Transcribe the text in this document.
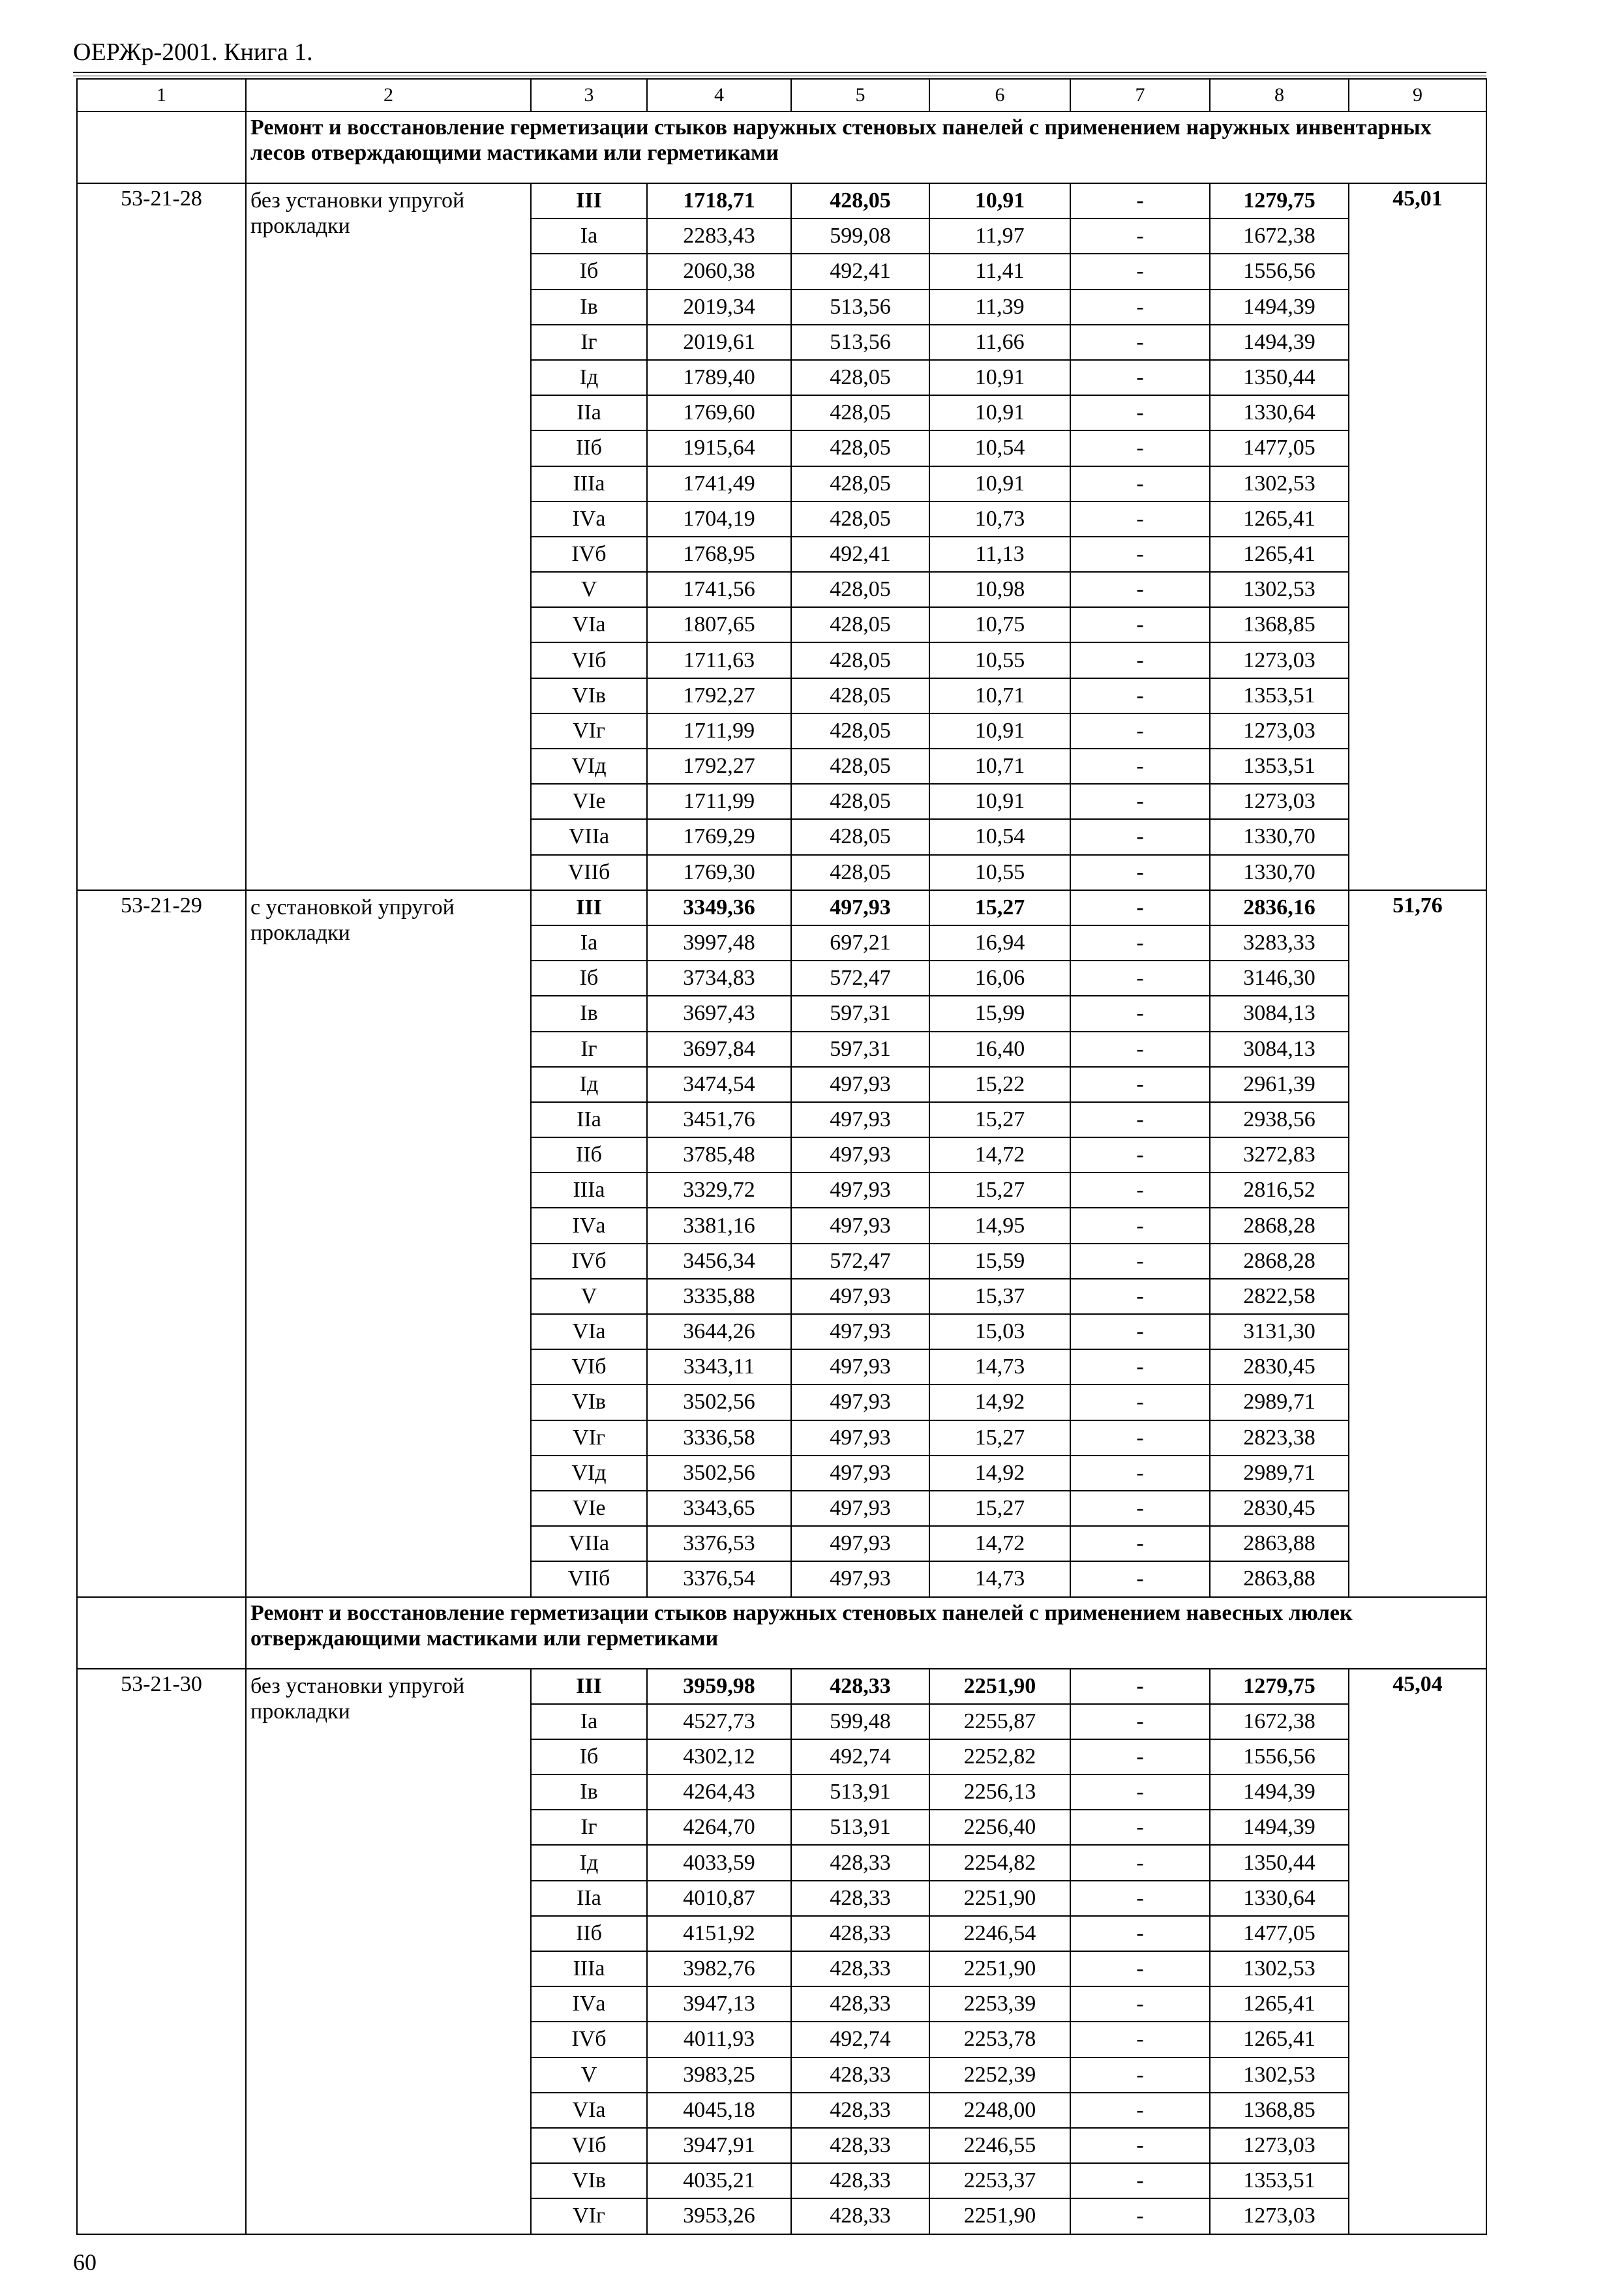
ОЕРЖр-2001. Книга 1.
1	2	3	4	5	6	7	8	9
	Ремонт и восстановление герметизации стыков наружных стеновых панелей с применением наружных инвентарных лесов отверждающими мастиками или герметиками							
53-21-28	без установки упругой прокладки	III	1718,71	428,05	10,91	-	1279,75	45,01
		Iа	2283,43	599,08	11,97	-	1672,38	
		Iб	2060,38	492,41	11,41	-	1556,56	
		Iв	2019,34	513,56	11,39	-	1494,39	
		Iг	2019,61	513,56	11,66	-	1494,39	
		Iд	1789,40	428,05	10,91	-	1350,44	
		IIа	1769,60	428,05	10,91	-	1330,64	
		IIб	1915,64	428,05	10,54	-	1477,05	
		IIIа	1741,49	428,05	10,91	-	1302,53	
		IVа	1704,19	428,05	10,73	-	1265,41	
		IVб	1768,95	492,41	11,13	-	1265,41	
		V	1741,56	428,05	10,98	-	1302,53	
		VIа	1807,65	428,05	10,75	-	1368,85	
		VIб	1711,63	428,05	10,55	-	1273,03	
		VIв	1792,27	428,05	10,71	-	1353,51	
		VIг	1711,99	428,05	10,91	-	1273,03	
		VIд	1792,27	428,05	10,71	-	1353,51	
		VIе	1711,99	428,05	10,91	-	1273,03	
		VIIа	1769,29	428,05	10,54	-	1330,70	
		VIIб	1769,30	428,05	10,55	-	1330,70	
53-21-29	с установкой упругой прокладки	III	3349,36	497,93	15,27	-	2836,16	51,76
		Iа	3997,48	697,21	16,94	-	3283,33	
		Iб	3734,83	572,47	16,06	-	3146,30	
		Iв	3697,43	597,31	15,99	-	3084,13	
		Iг	3697,84	597,31	16,40	-	3084,13	
		Iд	3474,54	497,93	15,22	-	2961,39	
		IIа	3451,76	497,93	15,27	-	2938,56	
		IIб	3785,48	497,93	14,72	-	3272,83	
		IIIа	3329,72	497,93	15,27	-	2816,52	
		IVа	3381,16	497,93	14,95	-	2868,28	
		IVб	3456,34	572,47	15,59	-	2868,28	
		V	3335,88	497,93	15,37	-	2822,58	
		VIа	3644,26	497,93	15,03	-	3131,30	
		VIб	3343,11	497,93	14,73	-	2830,45	
		VIв	3502,56	497,93	14,92	-	2989,71	
		VIг	3336,58	497,93	15,27	-	2823,38	
		VIд	3502,56	497,93	14,92	-	2989,71	
		VIе	3343,65	497,93	15,27	-	2830,45	
		VIIа	3376,53	497,93	14,72	-	2863,88	
		VIIб	3376,54	497,93	14,73	-	2863,88	
	Ремонт и восстановление герметизации стыков наружных стеновых панелей с применением навесных люлек отверждающими мастиками или герметиками							
53-21-30	без установки упругой прокладки	III	3959,98	428,33	2251,90	-	1279,75	45,04
		Iа	4527,73	599,48	2255,87	-	1672,38	
		Iб	4302,12	492,74	2252,82	-	1556,56	
		Iв	4264,43	513,91	2256,13	-	1494,39	
		Iг	4264,70	513,91	2256,40	-	1494,39	
		Iд	4033,59	428,33	2254,82	-	1350,44	
		IIа	4010,87	428,33	2251,90	-	1330,64	
		IIб	4151,92	428,33	2246,54	-	1477,05	
		IIIа	3982,76	428,33	2251,90	-	1302,53	
		IVа	3947,13	428,33	2253,39	-	1265,41	
		IVб	4011,93	492,74	2253,78	-	1265,41	
		V	3983,25	428,33	2252,39	-	1302,53	
		VIа	4045,18	428,33	2248,00	-	1368,85	
		VIб	3947,91	428,33	2246,55	-	1273,03	
		VIв	4035,21	428,33	2253,37	-	1353,51	
		VIг	3953,26	428,33	2251,90	-	1273,03	
60
